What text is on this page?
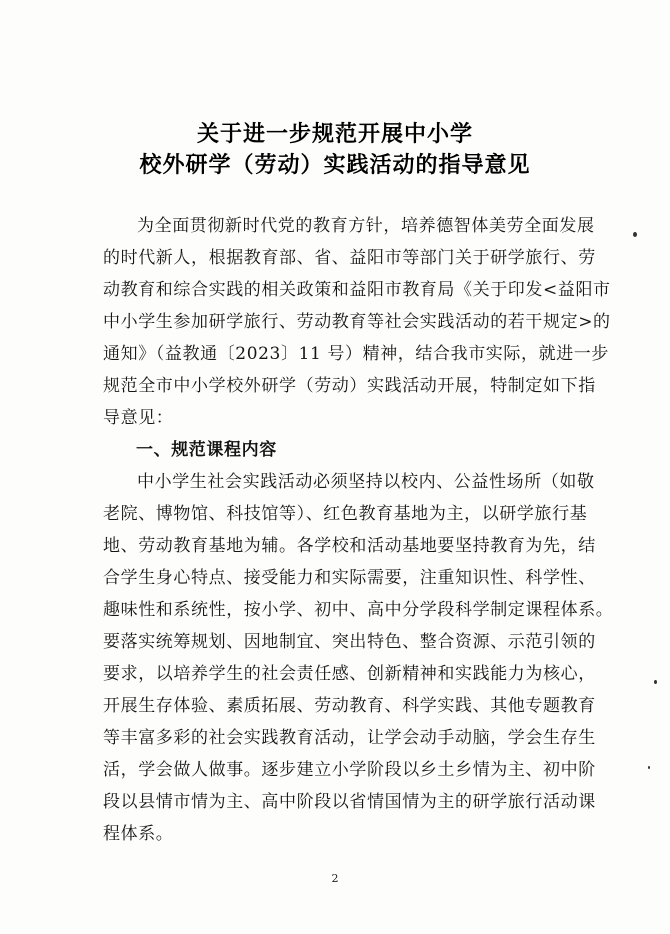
关于进一步规范开展中小学
校外研学（劳动）实践活动的指导意见
为全面贯彻新时代党的教育方针，培养德智体美劳全面发展
的时代新人，根据教育部、省、益阳市等部门关于研学旅行、劳
动教育和综合实践的相关政策和益阳市教育局《关于印发<益阳市
中小学生参加研学旅行、劳动教育等社会实践活动的若干规定>的
通知》（益教通〔2023〕11 号）精神，结合我市实际，就进一步
规范全市中小学校外研学（劳动）实践活动开展，特制定如下指
导意见：
一、规范课程内容
中小学生社会实践活动必须坚持以校内、公益性场所（如敬
老院、博物馆、科技馆等）、红色教育基地为主，以研学旅行基
地、劳动教育基地为辅。各学校和活动基地要坚持教育为先，结
合学生身心特点、接受能力和实际需要，注重知识性、科学性、
趣味性和系统性，按小学、初中、高中分学段科学制定课程体系。
要落实统筹规划、因地制宜、突出特色、整合资源、示范引领的
要求，以培养学生的社会责任感、创新精神和实践能力为核心，
开展生存体验、素质拓展、劳动教育、科学实践、其他专题教育
等丰富多彩的社会实践教育活动，让学会动手动脑，学会生存生
活，学会做人做事。逐步建立小学阶段以乡土乡情为主、初中阶
段以县情市情为主、高中阶段以省情国情为主的研学旅行活动课
程体系。
2
